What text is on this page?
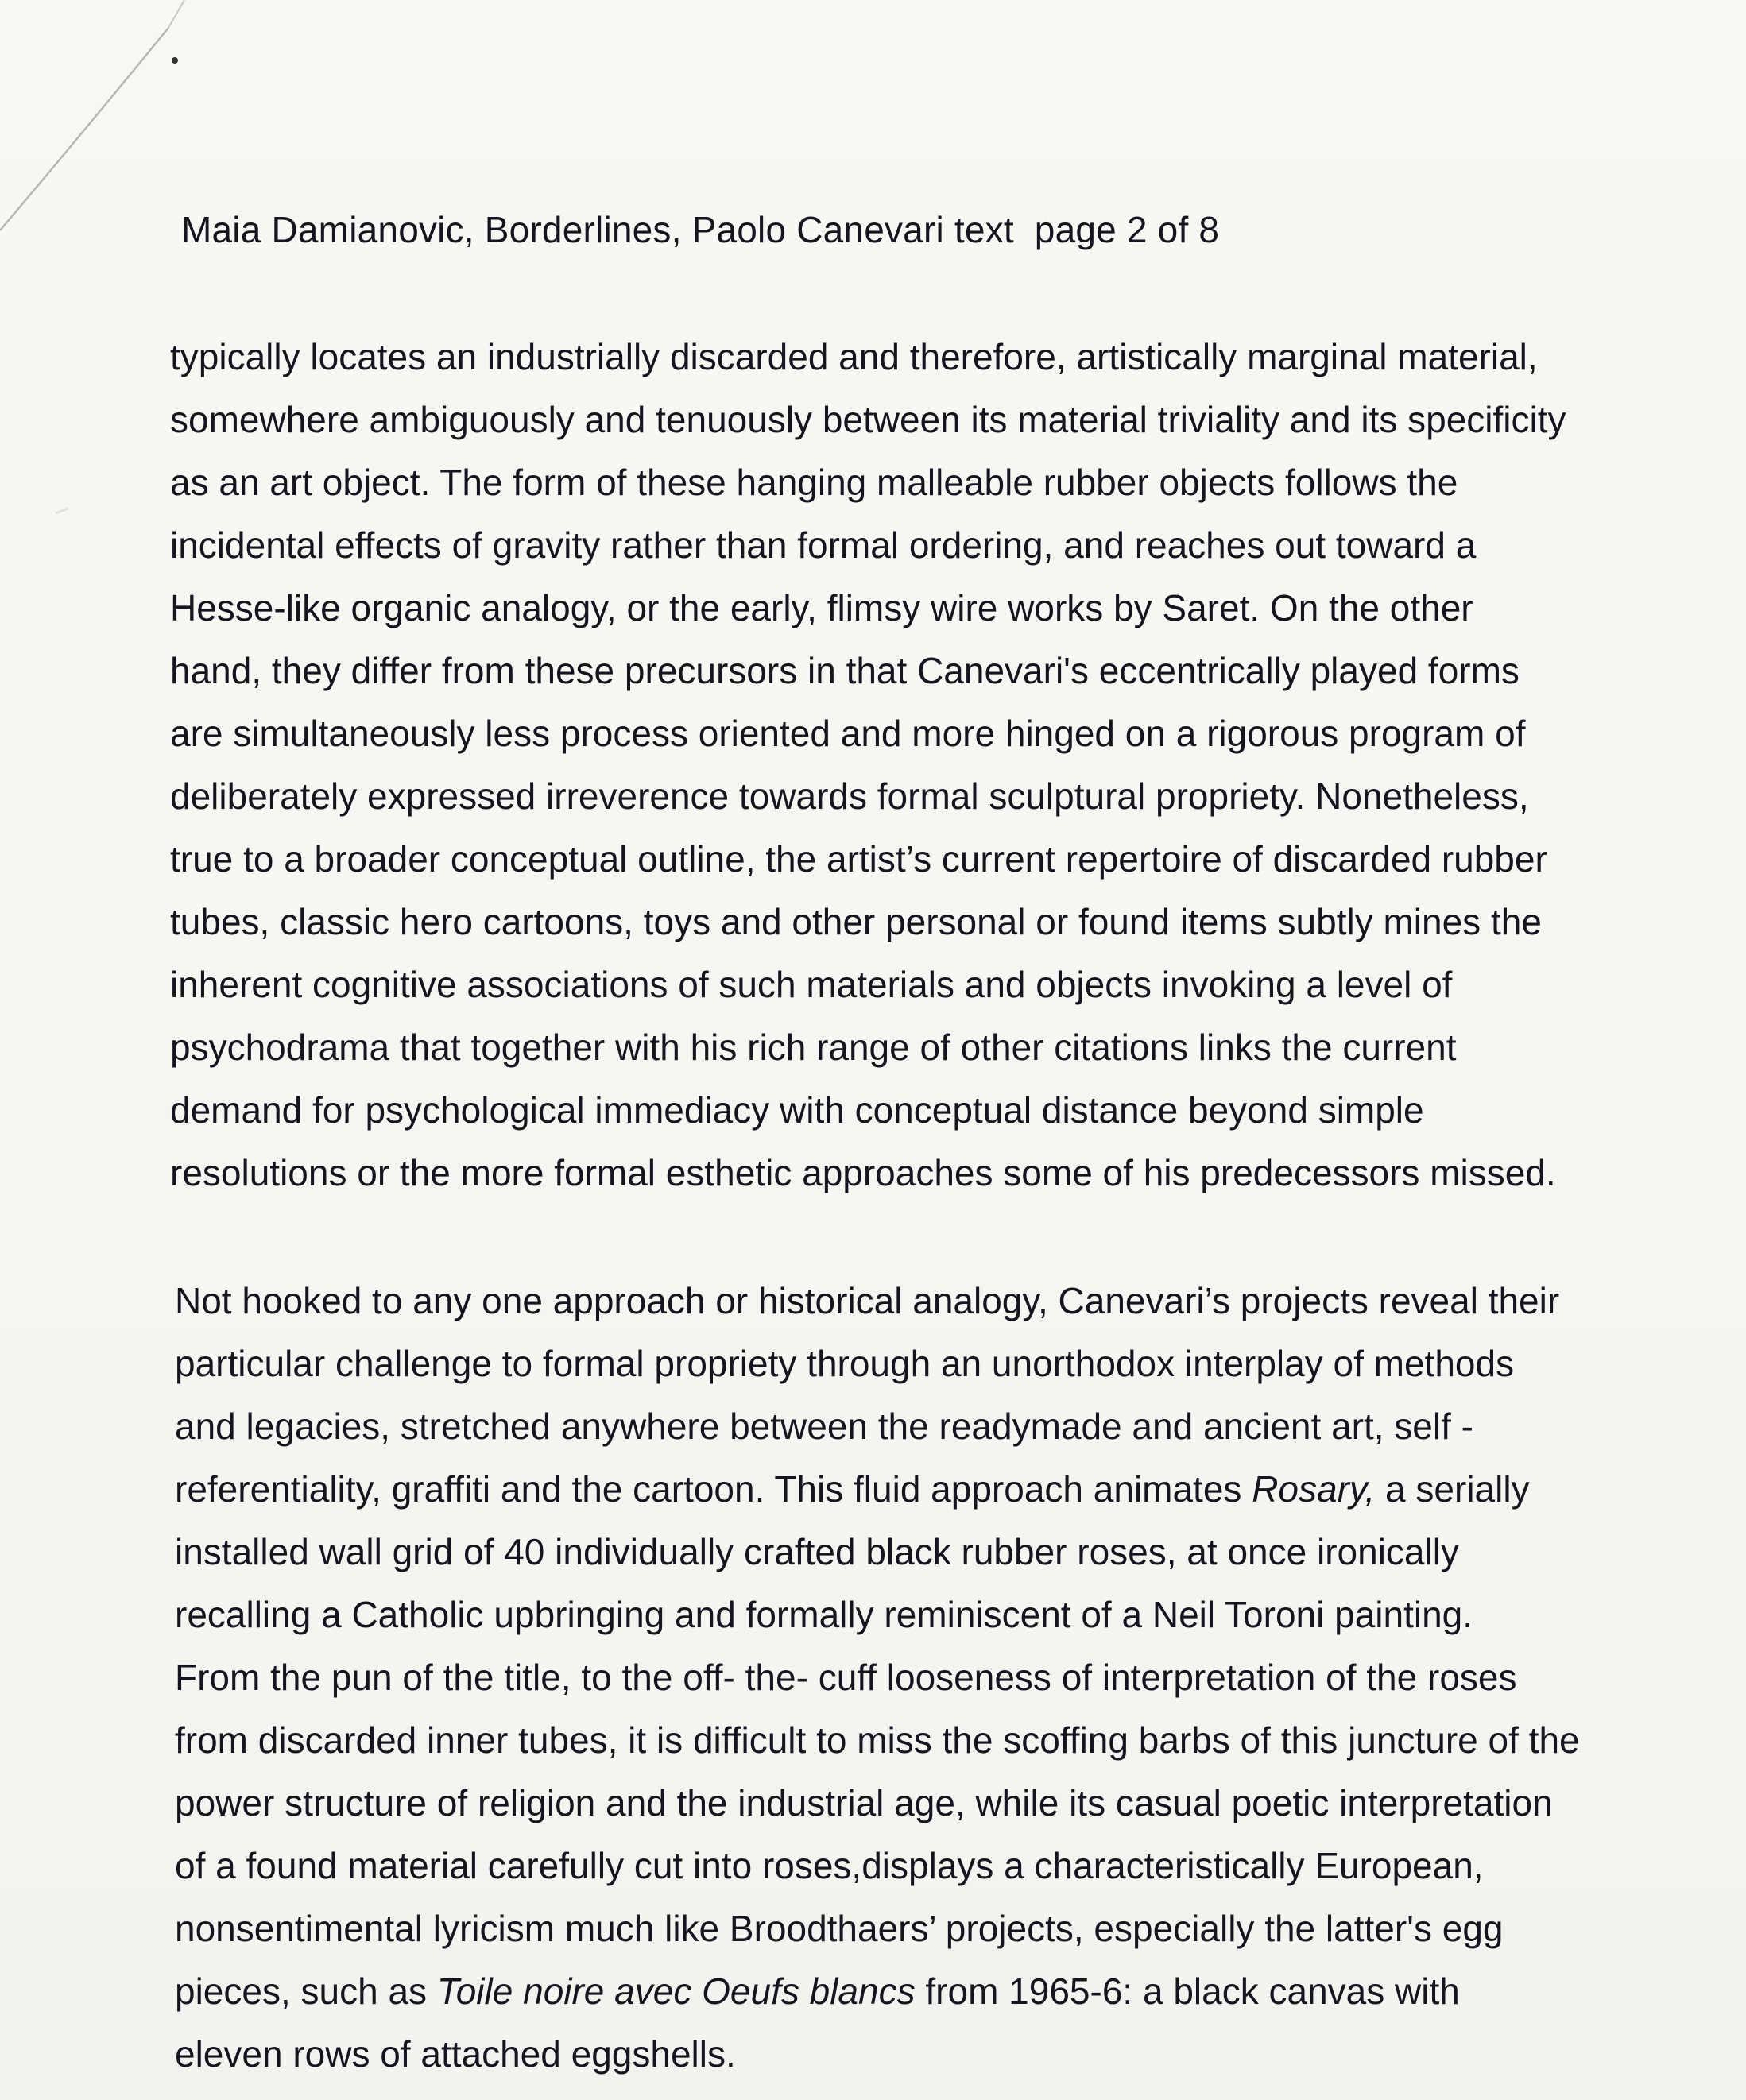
Maia Damianovic, Borderlines, Paolo Canevari text  page 2 of 8
typically locates an industrially discarded and therefore, artistically marginal material,
somewhere ambiguously and tenuously between its material triviality and its specificity
as an art object. The form of these hanging malleable rubber objects follows the
incidental effects of gravity rather than formal ordering, and reaches out toward a
Hesse-like organic analogy, or the early, flimsy wire works by Saret. On the other
hand, they differ from these precursors in that Canevari's eccentrically played forms
are simultaneously less process oriented and more hinged on a rigorous program of
deliberately expressed irreverence towards formal sculptural propriety. Nonetheless,
true to a broader conceptual outline, the artist’s current repertoire of discarded rubber
tubes, classic hero cartoons, toys and other personal or found items subtly mines the
inherent cognitive associations of such materials and objects invoking a level of
psychodrama that together with his rich range of other citations links the current
demand for psychological immediacy with conceptual distance beyond simple
resolutions or the more formal esthetic approaches some of his predecessors missed.
Not hooked to any one approach or historical analogy, Canevari’s projects reveal their
particular challenge to formal propriety through an unorthodox interplay of methods
and legacies, stretched anywhere between the readymade and ancient art, self -
referentiality, graffiti and the cartoon. This fluid approach animates Rosary, a serially
installed wall grid of 40 individually crafted black rubber roses, at once ironically
recalling a Catholic upbringing and formally reminiscent of a Neil Toroni painting.
From the pun of the title, to the off- the- cuff looseness of interpretation of the roses
from discarded inner tubes, it is difficult to miss the scoffing barbs of this juncture of the
power structure of religion and the industrial age, while its casual poetic interpretation
of a found material carefully cut into roses,displays a characteristically European,
nonsentimental lyricism much like Broodthaers’ projects, especially the latter's egg
pieces, such as Toile noire avec Oeufs blancs from 1965-6: a black canvas with
eleven rows of attached eggshells.
